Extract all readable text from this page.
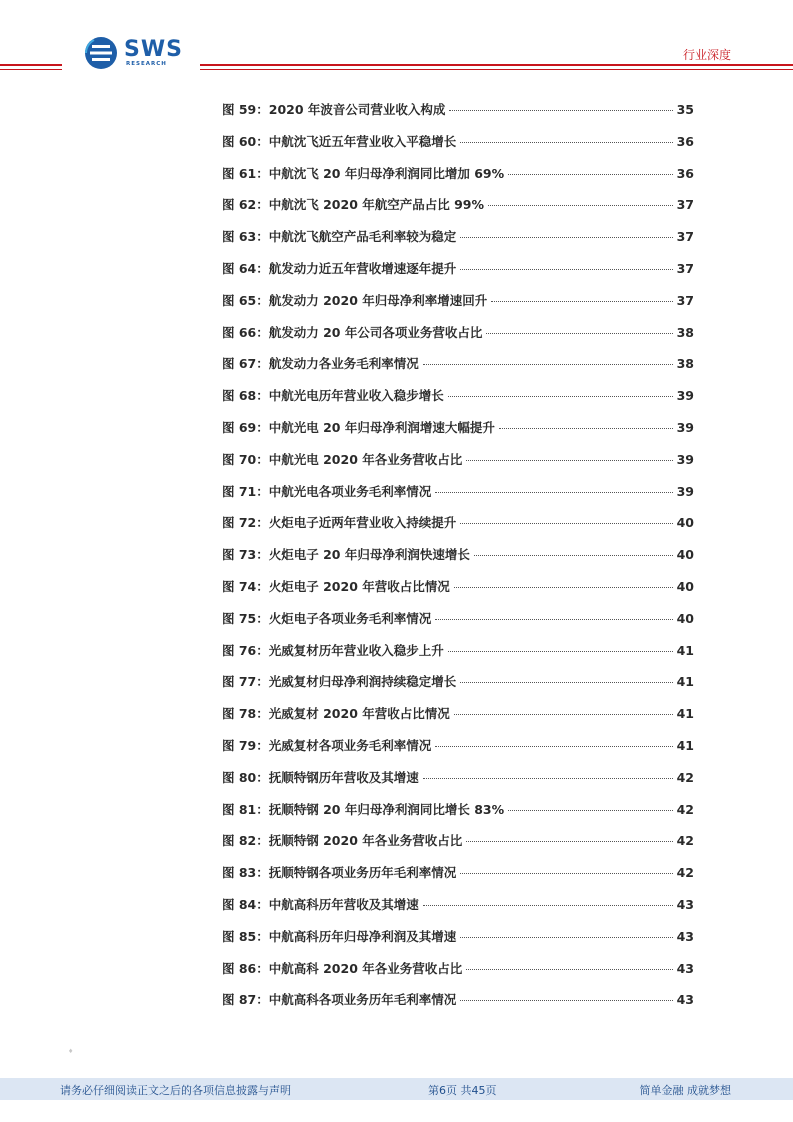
SWS
RESEARCH
行业深度
图 59：2020 年波音公司营业收入构成	35
图 60：中航沈飞近五年营业收入平稳增长	36
图 61：中航沈飞 20 年归母净利润同比增加 69%	36
图 62：中航沈飞 2020 年航空产品占比 99%	37
图 63：中航沈飞航空产品毛利率较为稳定	37
图 64：航发动力近五年营收增速逐年提升	37
图 65：航发动力 2020 年归母净利率增速回升	37
图 66：航发动力 20 年公司各项业务营收占比	38
图 67：航发动力各业务毛利率情况	38
图 68：中航光电历年营业收入稳步增长	39
图 69：中航光电 20 年归母净利润增速大幅提升	39
图 70：中航光电 2020 年各业务营收占比	39
图 71：中航光电各项业务毛利率情况	39
图 72：火炬电子近两年营业收入持续提升	40
图 73：火炬电子 20 年归母净利润快速增长	40
图 74：火炬电子 2020 年营收占比情况	40
图 75：火炬电子各项业务毛利率情况	40
图 76：光威复材历年营业收入稳步上升	41
图 77：光威复材归母净利润持续稳定增长	41
图 78：光威复材 2020 年营收占比情况	41
图 79：光威复材各项业务毛利率情况	41
图 80：抚顺特钢历年营收及其增速	42
图 81：抚顺特钢 20 年归母净利润同比增长 83%	42
图 82：抚顺特钢 2020 年各业务营收占比	42
图 83：抚顺特钢各项业务历年毛利率情况	42
图 84：中航高科历年营收及其增速	43
图 85：中航高科历年归母净利润及其增速	43
图 86：中航高科 2020 年各业务营收占比	43
图 87：中航高科各项业务历年毛利率情况	43
♦
请务必仔细阅读正文之后的各项信息披露与声明	第6页 共45页	简单金融 成就梦想
